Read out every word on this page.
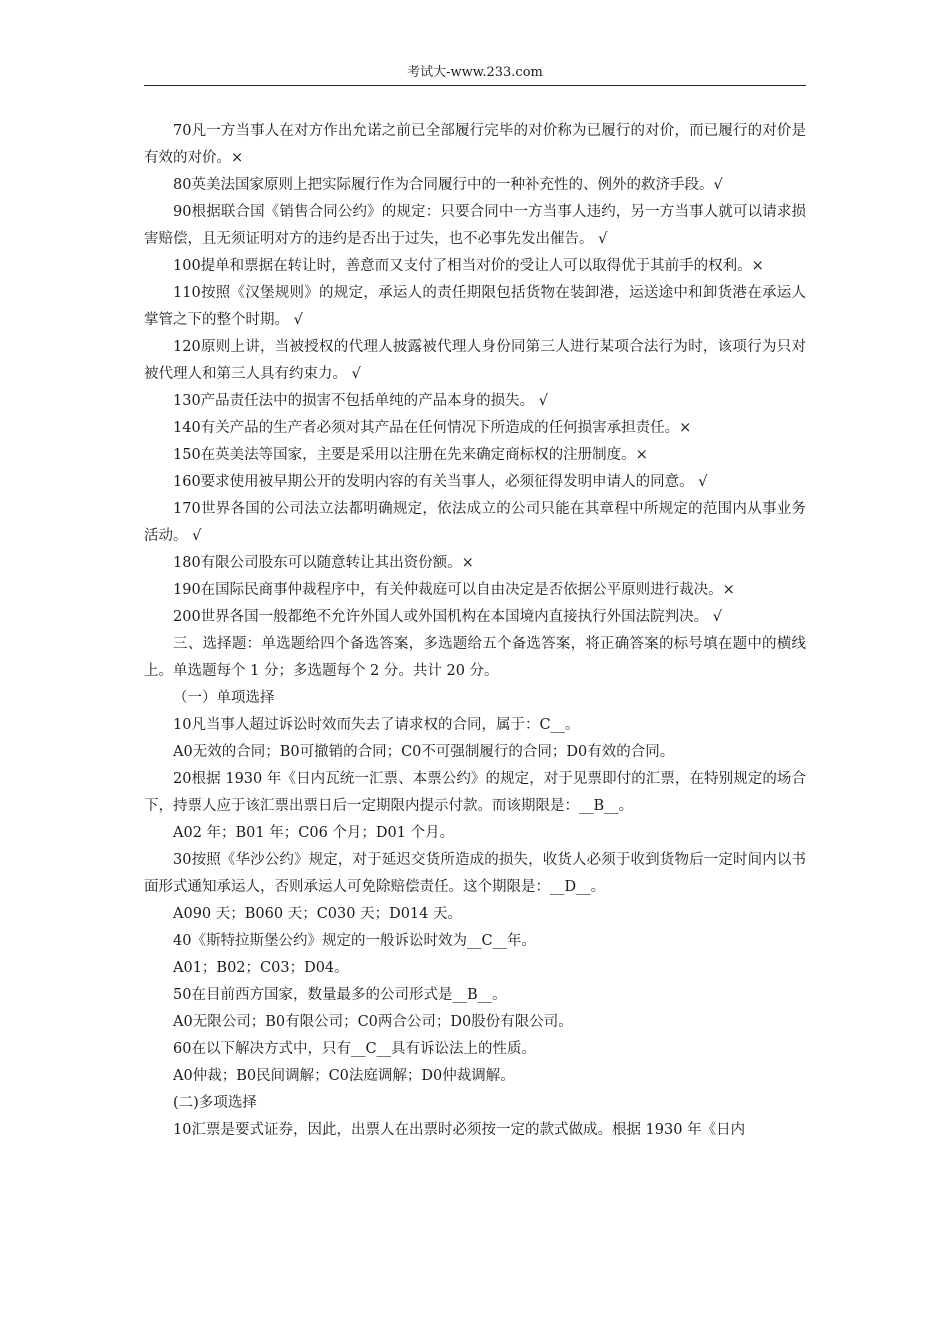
考试大-www.233.com

70凡一方当事人在对方作出允诺之前已全部履行完毕的对价称为已履行的对价，而已履行的对价是有效的对价。×

80英美法国家原则上把实际履行作为合同履行中的一种补充性的、例外的救济手段。√

90根据联合国《销售合同公约》的规定：只要合同中一方当事人违约，另一方当事人就可以请求损害赔偿，且无须证明对方的违约是否出于过失，也不必事先发出催告。 √

100提单和票据在转让时，善意而又支付了相当对价的受让人可以取得优于其前手的权利。×

110按照《汉堡规则》的规定，承运人的责任期限包括货物在装卸港，运送途中和卸货港在承运人掌管之下的整个时期。 √

120原则上讲，当被授权的代理人披露被代理人身份同第三人进行某项合法行为时，该项行为只对被代理人和第三人具有约束力。 √

130产品责任法中的损害不包括单纯的产品本身的损失。 √

140有关产品的生产者必须对其产品在任何情况下所造成的任何损害承担责任。×

150在英美法等国家，主要是采用以注册在先来确定商标权的注册制度。×

160要求使用被早期公开的发明内容的有关当事人，必须征得发明申请人的同意。 √

170世界各国的公司法立法都明确规定，依法成立的公司只能在其章程中所规定的范围内从事业务活动。 √

180有限公司股东可以随意转让其出资份额。×

190在国际民商事仲裁程序中，有关仲裁庭可以自由决定是否依据公平原则进行裁决。×

200世界各国一般都绝不允许外国人或外国机构在本国境内直接执行外国法院判决。 √

三、选择题：单选题给四个备选答案，多选题给五个备选答案，将正确答案的标号填在题中的横线上。单选题每个 1 分；多选题每个 2 分。共计 20 分。

（一）单项选择

10凡当事人超过诉讼时效而失去了请求权的合同，属于：C__。

A0无效的合同；B0可撤销的合同；C0不可强制履行的合同；D0有效的合同。

20根据 1930 年《日内瓦统一汇票、本票公约》的规定，对于见票即付的汇票，在特别规定的场合下，持票人应于该汇票出票日后一定期限内提示付款。而该期限是：__B__。

A02 年；B01 年；C06 个月；D01 个月。

30按照《华沙公约》规定，对于延迟交货所造成的损失，收货人必须于收到货物后一定时间内以书面形式通知承运人，否则承运人可免除赔偿责任。这个期限是：__D__。

A090 天；B060 天；C030 天；D014 天。

40《斯特拉斯堡公约》规定的一般诉讼时效为__C__年。

A01；B02；C03；D04。

50在目前西方国家，数量最多的公司形式是__B__。

A0无限公司；B0有限公司；C0两合公司；D0股份有限公司。

60在以下解决方式中，只有__C__具有诉讼法上的性质。

A0仲裁；B0民间调解；C0法庭调解；D0仲裁调解。

(二)多项选择

10汇票是要式证券，因此，出票人在出票时必须按一定的款式做成。根据 1930 年《日内
